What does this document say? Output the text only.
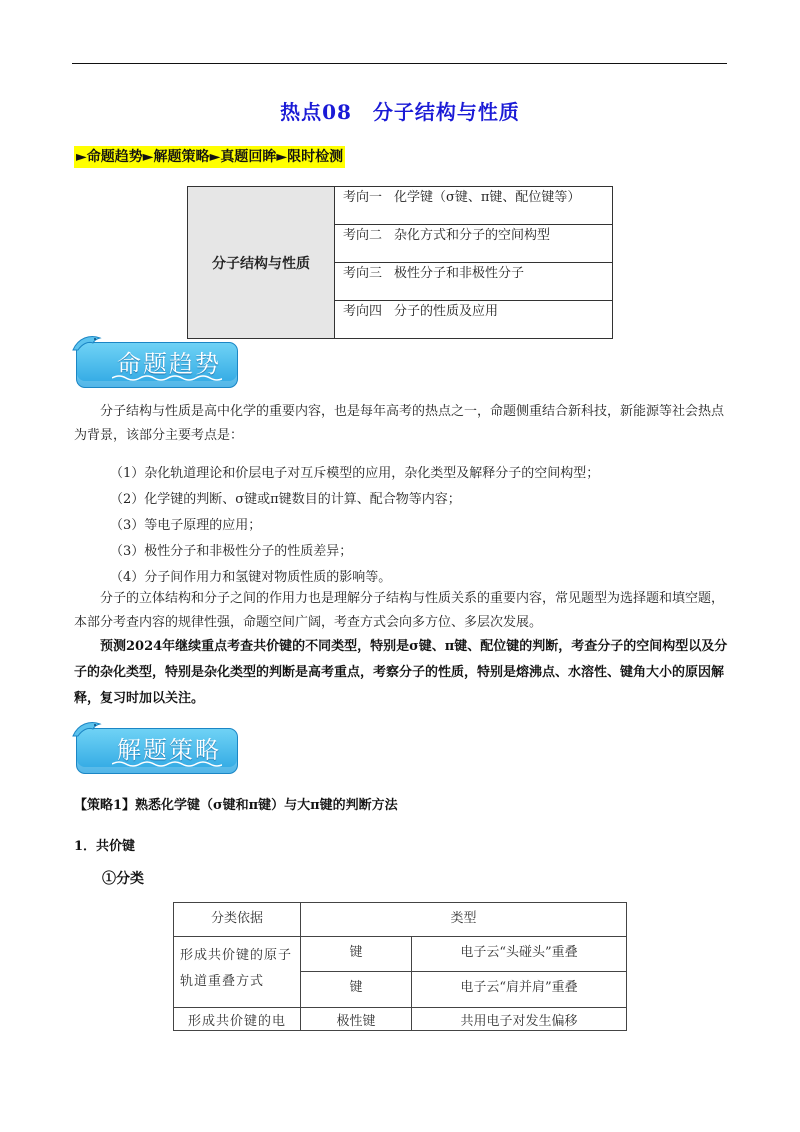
热点08　分子结构与性质
►命题趋势►解题策略►真题回眸►限时检测
分子结构与性质	考向一 化学键（σ键、π键、配位键等）
考向二 杂化方式和分子的空间构型
考向三 极性分子和非极性分子
考向四 分子的性质及应用
命题趋势
分子结构与性质是高中化学的重要内容，也是每年高考的热点之一，命题侧重结合新科技，新能源等社会热点为背景，该部分主要考点是：
（1）杂化轨道理论和价层电子对互斥模型的应用，杂化类型及解释分子的空间构型；
（2）化学键的判断、σ键或π键数目的计算、配合物等内容；
（3）等电子原理的应用；
（3）极性分子和非极性分子的性质差异；
（4）分子间作用力和氢键对物质性质的影响等。
分子的立体结构和分子之间的作用力也是理解分子结构与性质关系的重要内容，常见题型为选择题和填空题，本部分考查内容的规律性强，命题空间广阔，考查方式会向多方位、多层次发展。
预测2024年继续重点考查共价键的不同类型，特别是σ键、π键、配位键的判断，考查分子的空间构型以及分子的杂化类型，特别是杂化类型的判断是高考重点，考察分子的性质，特别是熔沸点、水溶性、键角大小的原因解释，复习时加以关注。
解题策略
【策略1】熟悉化学键（σ键和π键）与大π键的判断方法
1．共价键
①分类
分类依据	类型	
形成共价键的原子轨道重叠方式	键	电子云“头碰头”重叠
	键	电子云“肩并肩”重叠
形成共价键的电	极性键	共用电子对发生偏移
